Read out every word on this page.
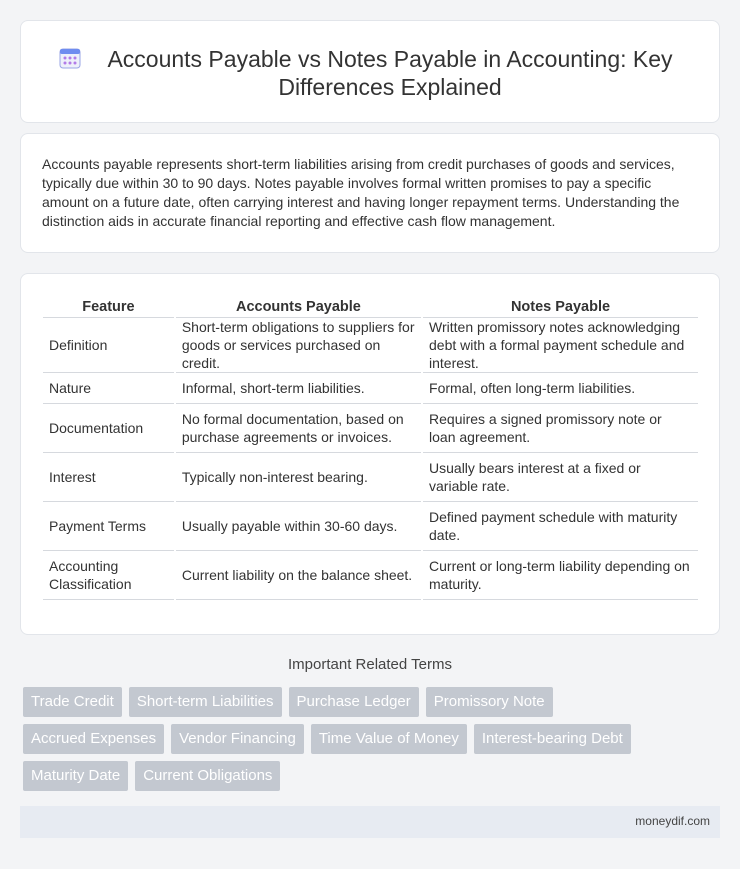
Accounts Payable vs Notes Payable in Accounting: Key Differences Explained

Accounts payable represents short-term liabilities arising from credit purchases of goods and services, typically due within 30 to 90 days. Notes payable involves formal written promises to pay a specific amount on a future date, often carrying interest and having longer repayment terms. Understanding the distinction aids in accurate financial reporting and effective cash flow management.

Feature	Accounts Payable	Notes Payable
Definition	Short-term obligations to suppliers for goods or services purchased on credit.	Written promissory notes acknowledging debt with a formal payment schedule and interest.
Nature	Informal, short-term liabilities.	Formal, often long-term liabilities.
Documentation	No formal documentation, based on purchase agreements or invoices.	Requires a signed promissory note or loan agreement.
Interest	Typically non-interest bearing.	Usually bears interest at a fixed or variable rate.
Payment Terms	Usually payable within 30-60 days.	Defined payment schedule with maturity date.
Accounting Classification	Current liability on the balance sheet.	Current or long-term liability depending on maturity.
Important Related Terms
Trade Credit	Short-term Liabilities	Purchase Ledger	Promissory Note
Accrued Expenses	Vendor Financing	Time Value of Money	Interest-bearing Debt
Maturity Date	Current Obligations
moneydif.com
